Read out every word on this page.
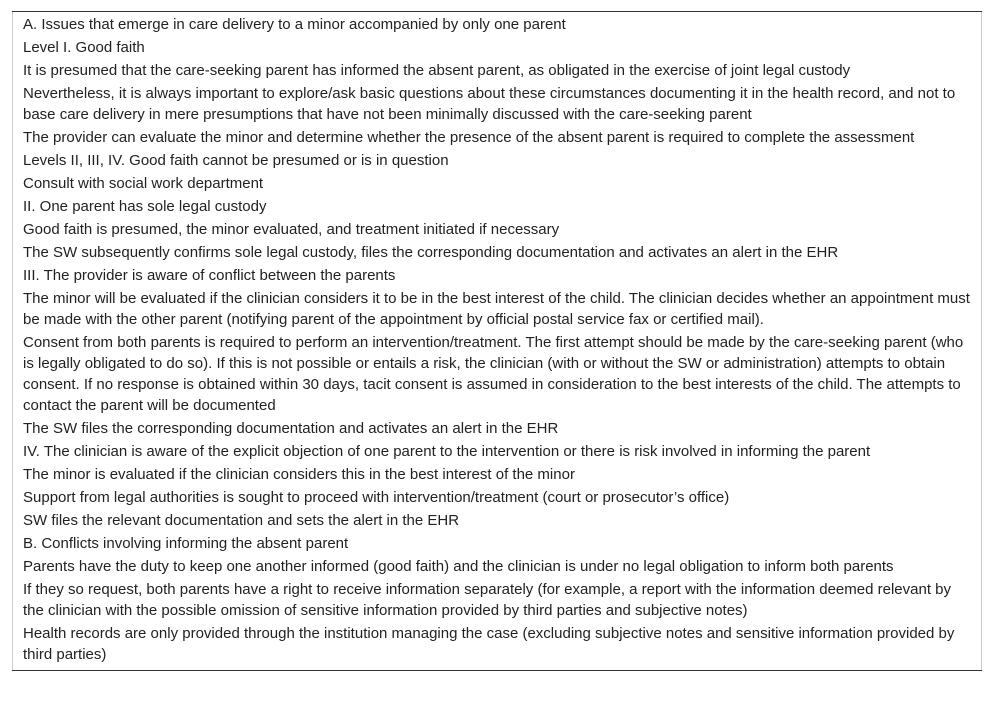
A. Issues that emerge in care delivery to a minor accompanied by only one parent
Level I. Good faith
It is presumed that the care-seeking parent has informed the absent parent, as obligated in the exercise of joint legal custody
Nevertheless, it is always important to explore/ask basic questions about these circumstances documenting it in the health record, and not to base care delivery in mere presumptions that have not been minimally discussed with the care-seeking parent
The provider can evaluate the minor and determine whether the presence of the absent parent is required to complete the assessment
Levels II, III, IV. Good faith cannot be presumed or is in question
Consult with social work department
II. One parent has sole legal custody
Good faith is presumed, the minor evaluated, and treatment initiated if necessary
The SW subsequently confirms sole legal custody, files the corresponding documentation and activates an alert in the EHR
III. The provider is aware of conflict between the parents
The minor will be evaluated if the clinician considers it to be in the best interest of the child. The clinician decides whether an appointment must be made with the other parent (notifying parent of the appointment by official postal service fax or certified mail).
Consent from both parents is required to perform an intervention/treatment. The first attempt should be made by the care-seeking parent (who is legally obligated to do so). If this is not possible or entails a risk, the clinician (with or without the SW or administration) attempts to obtain consent. If no response is obtained within 30 days, tacit consent is assumed in consideration to the best interests of the child. The attempts to contact the parent will be documented
The SW files the corresponding documentation and activates an alert in the EHR
IV. The clinician is aware of the explicit objection of one parent to the intervention or there is risk involved in informing the parent
The minor is evaluated if the clinician considers this in the best interest of the minor
Support from legal authorities is sought to proceed with intervention/treatment (court or prosecutor’s office)
SW files the relevant documentation and sets the alert in the EHR
B. Conflicts involving informing the absent parent
Parents have the duty to keep one another informed (good faith) and the clinician is under no legal obligation to inform both parents
If they so request, both parents have a right to receive information separately (for example, a report with the information deemed relevant by the clinician with the possible omission of sensitive information provided by third parties and subjective notes)
Health records are only provided through the institution managing the case (excluding subjective notes and sensitive information provided by third parties)
